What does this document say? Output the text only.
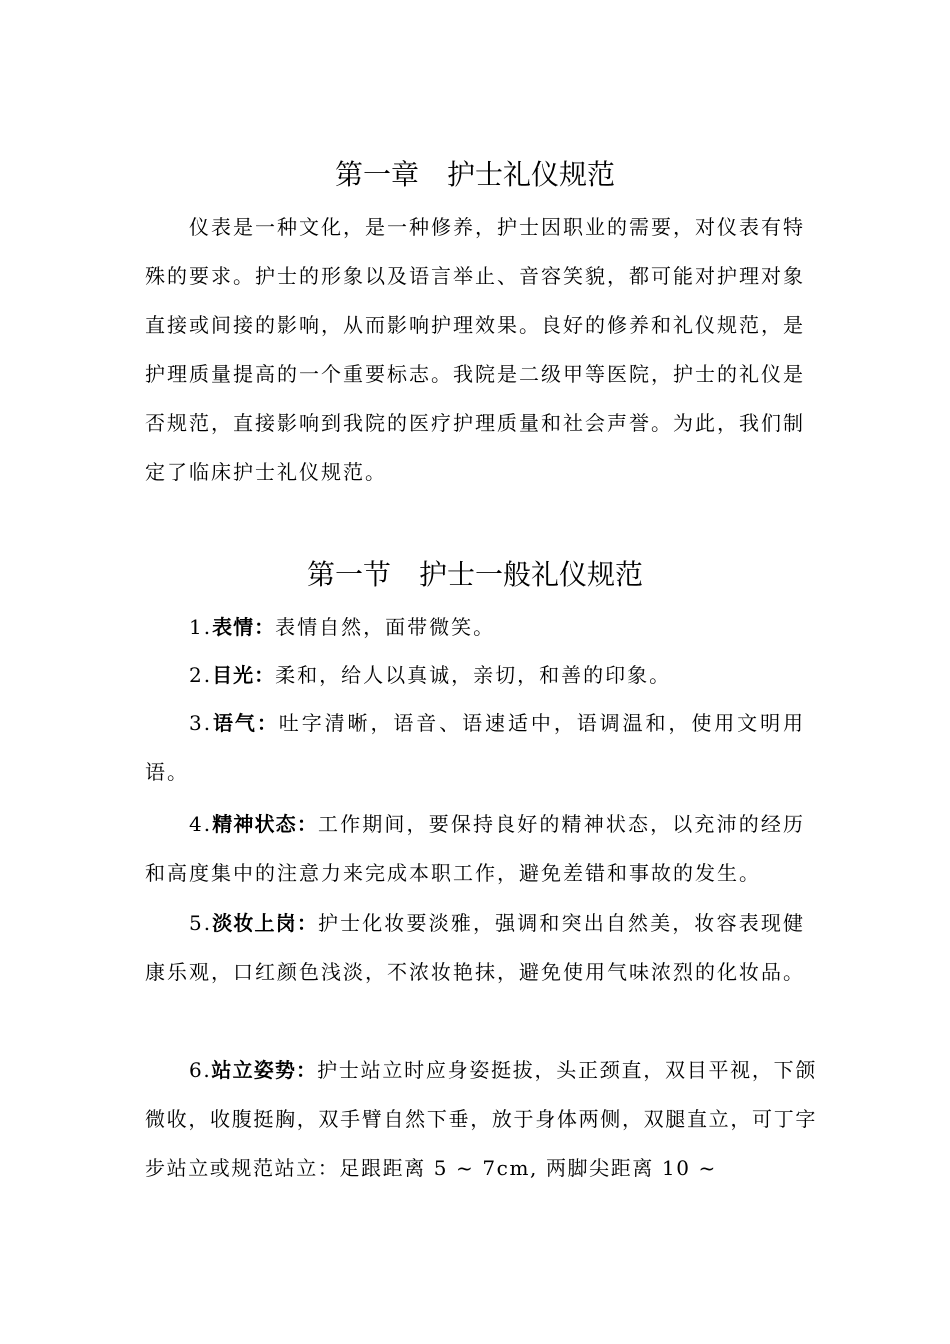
第一章　护士礼仪规范

仪表是一种文化，是一种修养，护士因职业的需要，对仪表有特殊的要求。护士的形象以及语言举止、音容笑貌，都可能对护理对象直接或间接的影响，从而影响护理效果。良好的修养和礼仪规范，是护理质量提高的一个重要标志。我院是二级甲等医院，护士的礼仪是否规范，直接影响到我院的医疗护理质量和社会声誉。为此，我们制定了临床护士礼仪规范。

第一节　护士一般礼仪规范

1.表情：表情自然，面带微笑。

2.目光：柔和，给人以真诚，亲切，和善的印象。

3.语气：吐字清晰，语音、语速适中，语调温和，使用文明用语。

4.精神状态：工作期间，要保持良好的精神状态，以充沛的经历和高度集中的注意力来完成本职工作，避免差错和事故的发生。

5.淡妆上岗：护士化妆要淡雅，强调和突出自然美，妆容表现健康乐观，口红颜色浅淡，不浓妆艳抹，避免使用气味浓烈的化妆品。

6.站立姿势：护士站立时应身姿挺拔，头正颈直，双目平视，下颌微收，收腹挺胸，双手臂自然下垂，放于身体两侧，双腿直立，可丁字步站立或规范站立：足跟距离 5 ~ 7cm, 两脚尖距离 10 ~
